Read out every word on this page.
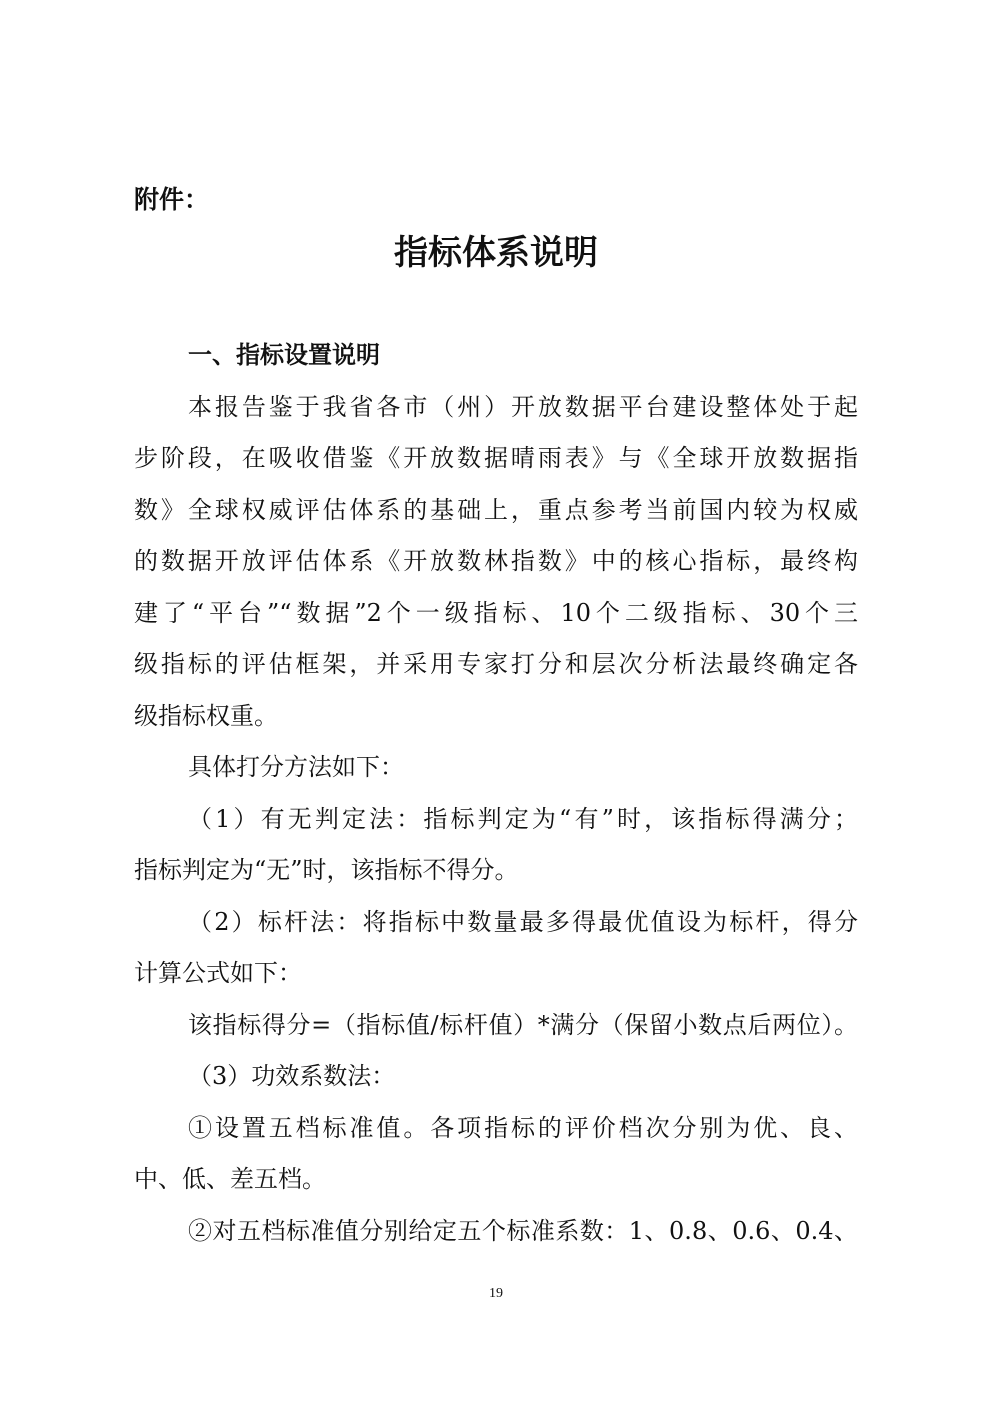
附件：

指标体系说明

一、指标设置说明

本报告鉴于我省各市（州）开放数据平台建设整体处于起

步阶段，在吸收借鉴《开放数据晴雨表》与《全球开放数据指

数》全球权威评估体系的基础上，重点参考当前国内较为权威

的数据开放评估体系《开放数林指数》中的核心指标，最终构

建了“平台”“数据”2个一级指标、10个二级指标、30个三

级指标的评估框架，并采用专家打分和层次分析法最终确定各

级指标权重。

具体打分方法如下：

（1）有无判定法：指标判定为“有”时，该指标得满分；

指标判定为“无”时，该指标不得分。

（2）标杆法：将指标中数量最多得最优值设为标杆，得分

计算公式如下：

该指标得分=（指标值/标杆值）*满分（保留小数点后两位）。

（3）功效系数法：

①设置五档标准值。各项指标的评价档次分别为优、良、

中、低、差五档。

②对五档标准值分别给定五个标准系数：1、0.8、0.6、0.4、

19
